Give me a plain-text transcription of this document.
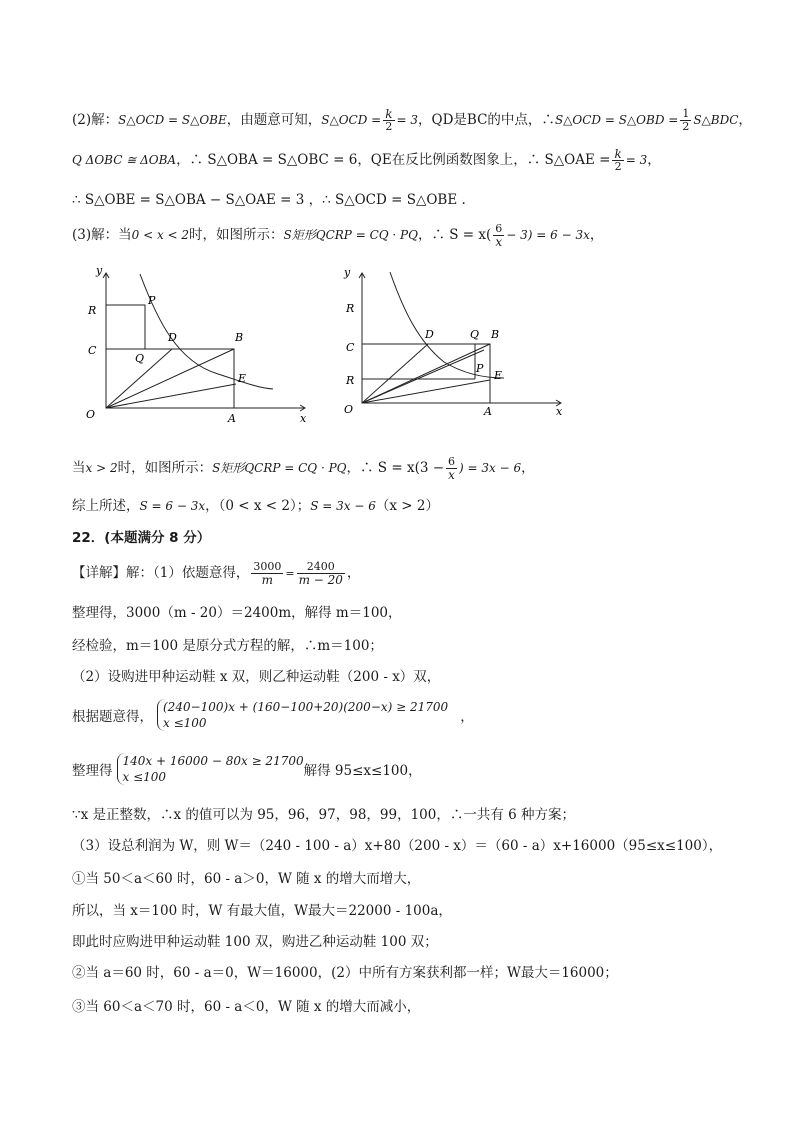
(2)解：S△OCD = S△OBE，由题意可知，S△OCD = $\frac{k}{2} = 3$，QD是BC的中点，∴S△OCD = S△OBD = $\frac{1}{2}$ S△BDC，
Q ΔOBC ≅ ΔOBA，∴ S△OBA = S△OBC = 6，QE在反比例函数图象上，∴ S△OAE = $\frac{k}{2} = 3$，
∴ S△OBE = S△OBA − S△OAE = 3 ，∴ S△OCD = S△OBE .
(3)解：当0 < x < 2时，如图所示：S矩形QCRP = CQ · PQ，∴ $S = x( \frac{6}{x} - 3) = 6 - 3x$，
y
x
O
R
C
P
Q
D	B
E
A
y
x
O
R
C
R
D	Q B
P
E
A
当x > 2时，如图所示：S矩形QCRP = CQ · PQ，∴ $S = x(3 - \frac{6}{x}$ ) = 3x − 6，
综上所述，S = 6 − 3x，（0 < x < 2）；S = 3x − 6（x > 2）
22．(本题满分 8 分）
【详解】解：（1）依题意得， $\frac{3000}{m} = \frac{2400}{m - 20}$ ，
整理得，3000（m - 20）＝2400m，解得 m＝100，
经检验，m＝100 是原分式方程的解，∴m＝100；
（2）设购进甲种运动鞋 x 双，则乙种运动鞋（200 - x）双，
根据题意得，
(240−100)x + (160−100+20)(200−x) ≥ 21700
x ≤100	，
整理得
140x + 16000 − 80x ≥ 21700
x ≤100	解得 95≤x≤100，
∵x 是正整数，∴x 的值可以为 95，96，97，98，99，100，∴一共有 6 种方案；
（3）设总利润为 W，则 W＝（240 - 100 - a）x+80（200 - x）＝（60 - a）x+16000（95≤x≤100），
①当 50＜a＜60 时，60 - a＞0，W 随 x 的增大而增大，
所以，当 x＝100 时，W 有最大值，W最大＝22000 - 100a，
即此时应购进甲种运动鞋 100 双，购进乙种运动鞋 100 双；
②当 a＝60 时，60 - a＝0，W＝16000，(2）中所有方案获利都一样；W最大＝16000；
③当 60＜a＜70 时，60 - a＜0，W 随 x 的增大而减小，
